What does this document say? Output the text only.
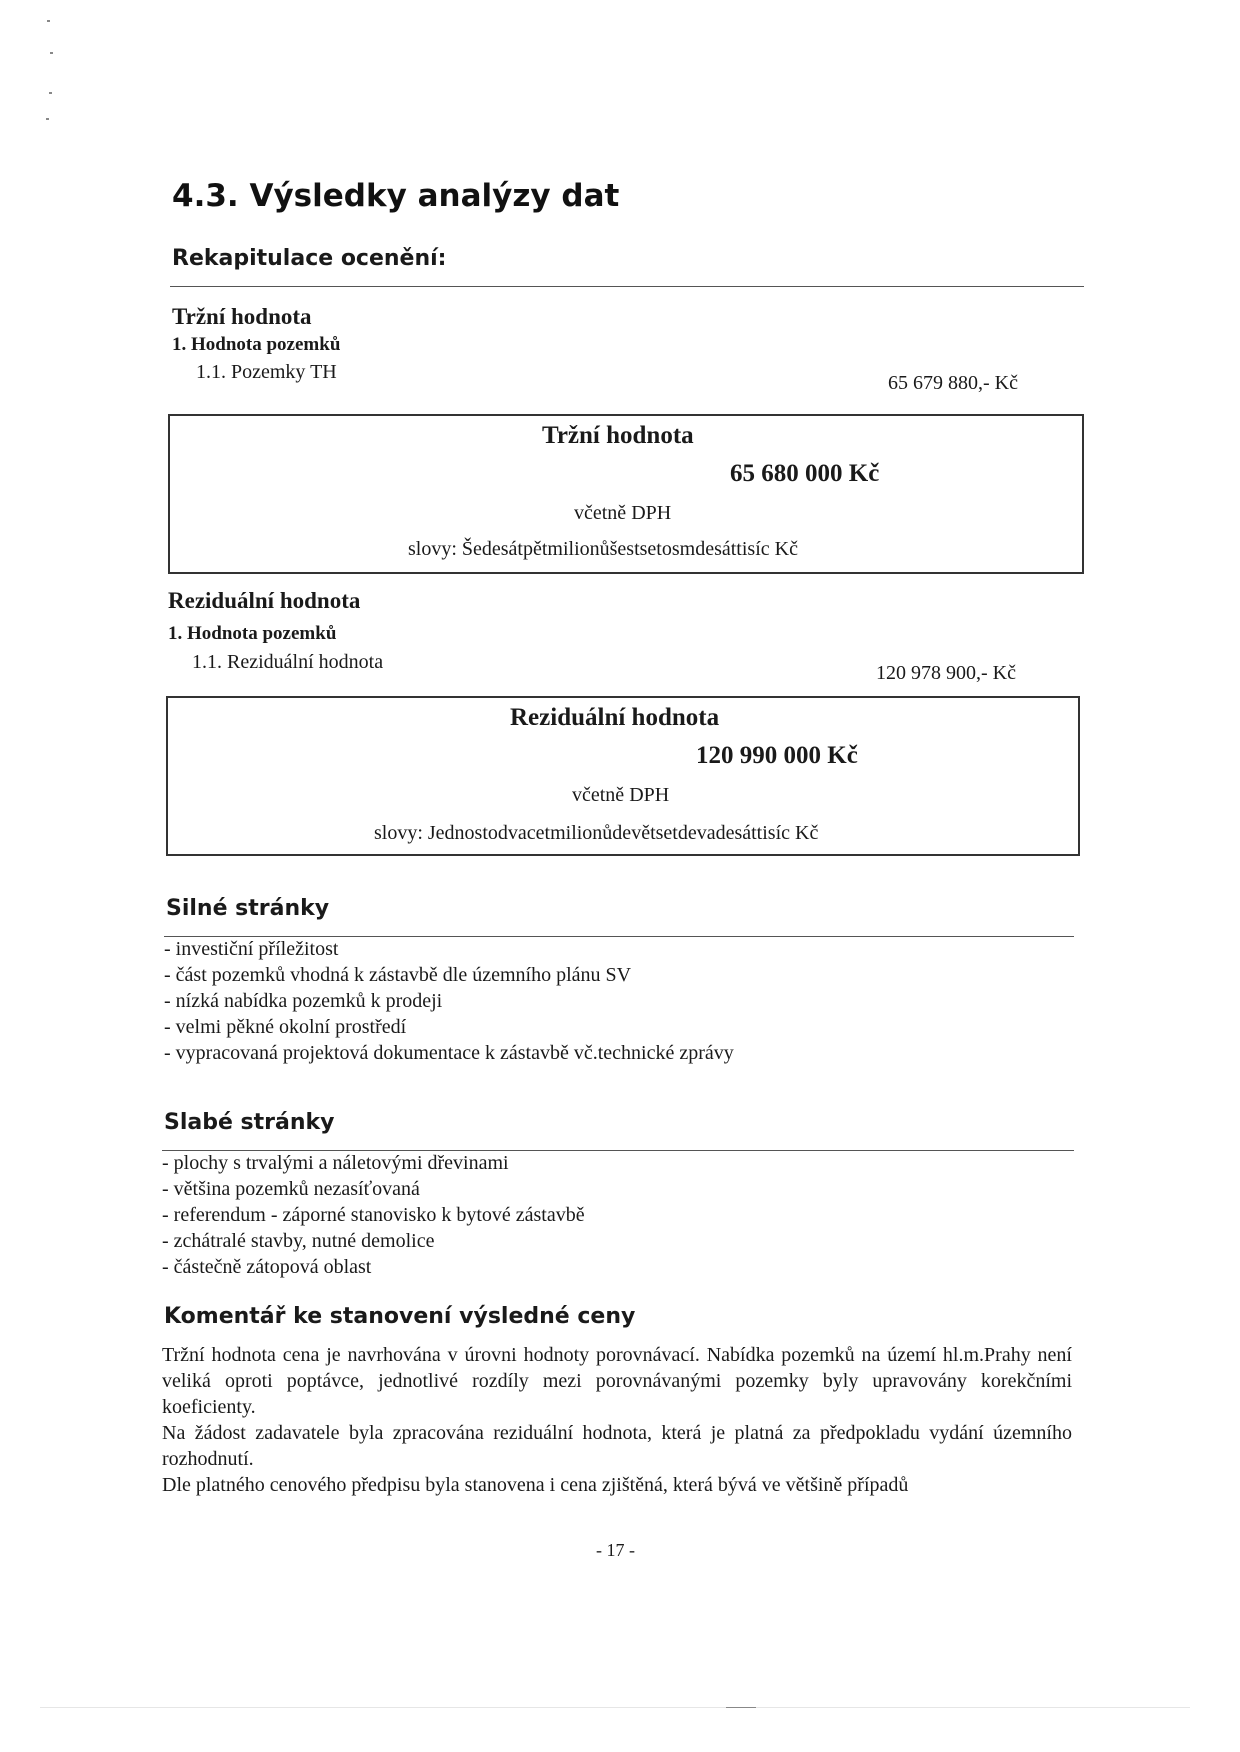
4.3. Výsledky analýzy dat
Rekapitulace ocenění:
Tržní hodnota
1. Hodnota pozemků
1.1. Pozemky TH	65 679 880,- Kč
Tržní hodnota
65 680 000 Kč
včetně DPH
slovy: Šedesátpětmilionůšestsetosmdesáttisíc Kč
Reziduální hodnota
1. Hodnota pozemků
1.1. Reziduální hodnota	120 978 900,- Kč
Reziduální hodnota
120 990 000 Kč
včetně DPH
slovy: Jednostodvacetmilionůdevětsetdevadesáttisíc Kč
Silné stránky
- investiční příležitost
- část pozemků vhodná k zástavbě dle územního plánu SV
- nízká nabídka pozemků k prodeji
- velmi pěkné okolní prostředí
- vypracovaná projektová dokumentace k zástavbě vč.technické zprávy
Slabé stránky
- plochy s trvalými a náletovými dřevinami
- většina pozemků nezasíťovaná
- referendum - záporné stanovisko k bytové zástavbě
- zchátralé stavby, nutné demolice
- částečně zátopová oblast
Komentář ke stanovení výsledné ceny
Tržní hodnota cena je navrhována v úrovni hodnoty porovnávací. Nabídka pozemků na území hl.m.Prahy není veliká oproti poptávce, jednotlivé rozdíly mezi porovnávanými pozemky byly upravovány korekčními koeficienty.
Na žádost zadavatele byla zpracována reziduální hodnota, která je platná za předpokladu vydání územního rozhodnutí.
Dle platného cenového předpisu byla stanovena i cena zjištěná, která bývá ve většině případů
- 17 -
